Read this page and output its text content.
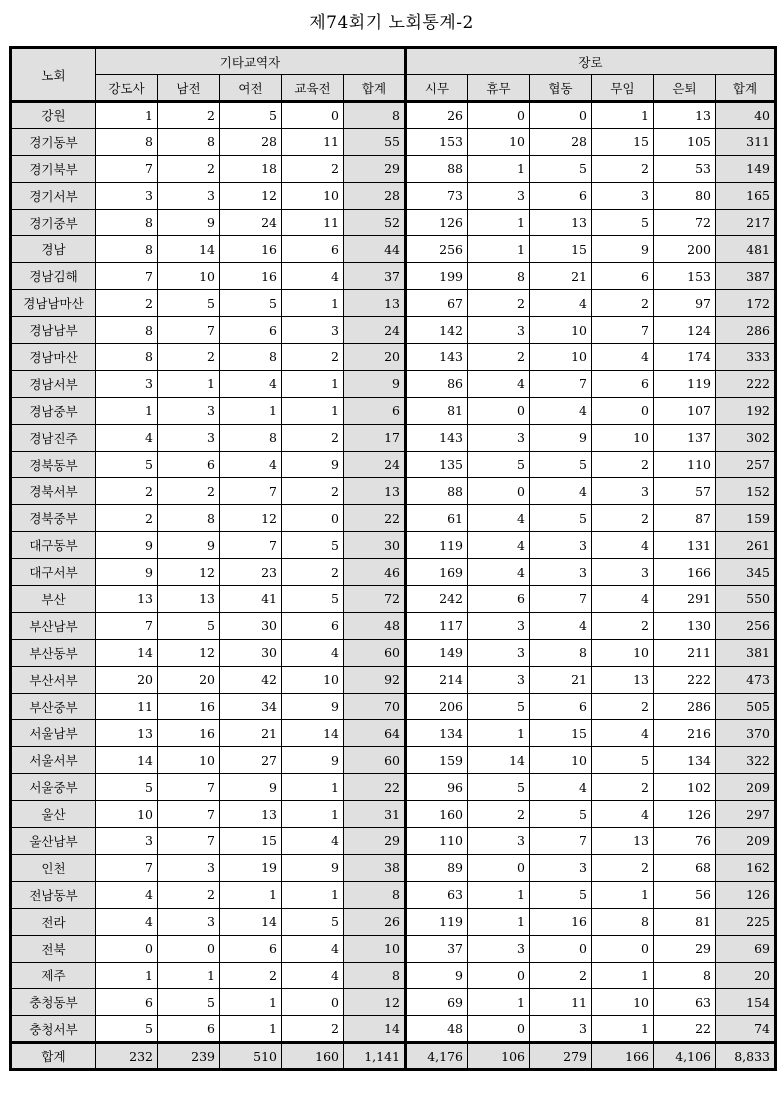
제74회기 노회통계-2
노회	기타교역자					장로					
	강도사	남전	여전	교육전	합계	시무	휴무	협동	무임	은퇴	합계
강원	1	2	5	0	8	26	0	0	1	13	40
경기동부	8	8	28	11	55	153	10	28	15	105	311
경기북부	7	2	18	2	29	88	1	5	2	53	149
경기서부	3	3	12	10	28	73	3	6	3	80	165
경기중부	8	9	24	11	52	126	1	13	5	72	217
경남	8	14	16	6	44	256	1	15	9	200	481
경남김해	7	10	16	4	37	199	8	21	6	153	387
경남남마산	2	5	5	1	13	67	2	4	2	97	172
경남남부	8	7	6	3	24	142	3	10	7	124	286
경남마산	8	2	8	2	20	143	2	10	4	174	333
경남서부	3	1	4	1	9	86	4	7	6	119	222
경남중부	1	3	1	1	6	81	0	4	0	107	192
경남진주	4	3	8	2	17	143	3	9	10	137	302
경북동부	5	6	4	9	24	135	5	5	2	110	257
경북서부	2	2	7	2	13	88	0	4	3	57	152
경북중부	2	8	12	0	22	61	4	5	2	87	159
대구동부	9	9	7	5	30	119	4	3	4	131	261
대구서부	9	12	23	2	46	169	4	3	3	166	345
부산	13	13	41	5	72	242	6	7	4	291	550
부산남부	7	5	30	6	48	117	3	4	2	130	256
부산동부	14	12	30	4	60	149	3	8	10	211	381
부산서부	20	20	42	10	92	214	3	21	13	222	473
부산중부	11	16	34	9	70	206	5	6	2	286	505
서울남부	13	16	21	14	64	134	1	15	4	216	370
서울서부	14	10	27	9	60	159	14	10	5	134	322
서울중부	5	7	9	1	22	96	5	4	2	102	209
울산	10	7	13	1	31	160	2	5	4	126	297
울산남부	3	7	15	4	29	110	3	7	13	76	209
인천	7	3	19	9	38	89	0	3	2	68	162
전남동부	4	2	1	1	8	63	1	5	1	56	126
전라	4	3	14	5	26	119	1	16	8	81	225
전북	0	0	6	4	10	37	3	0	0	29	69
제주	1	1	2	4	8	9	0	2	1	8	20
충청동부	6	5	1	0	12	69	1	11	10	63	154
충청서부	5	6	1	2	14	48	0	3	1	22	74
합계	232	239	510	160	1,141	4,176	106	279	166	4,106	8,833
